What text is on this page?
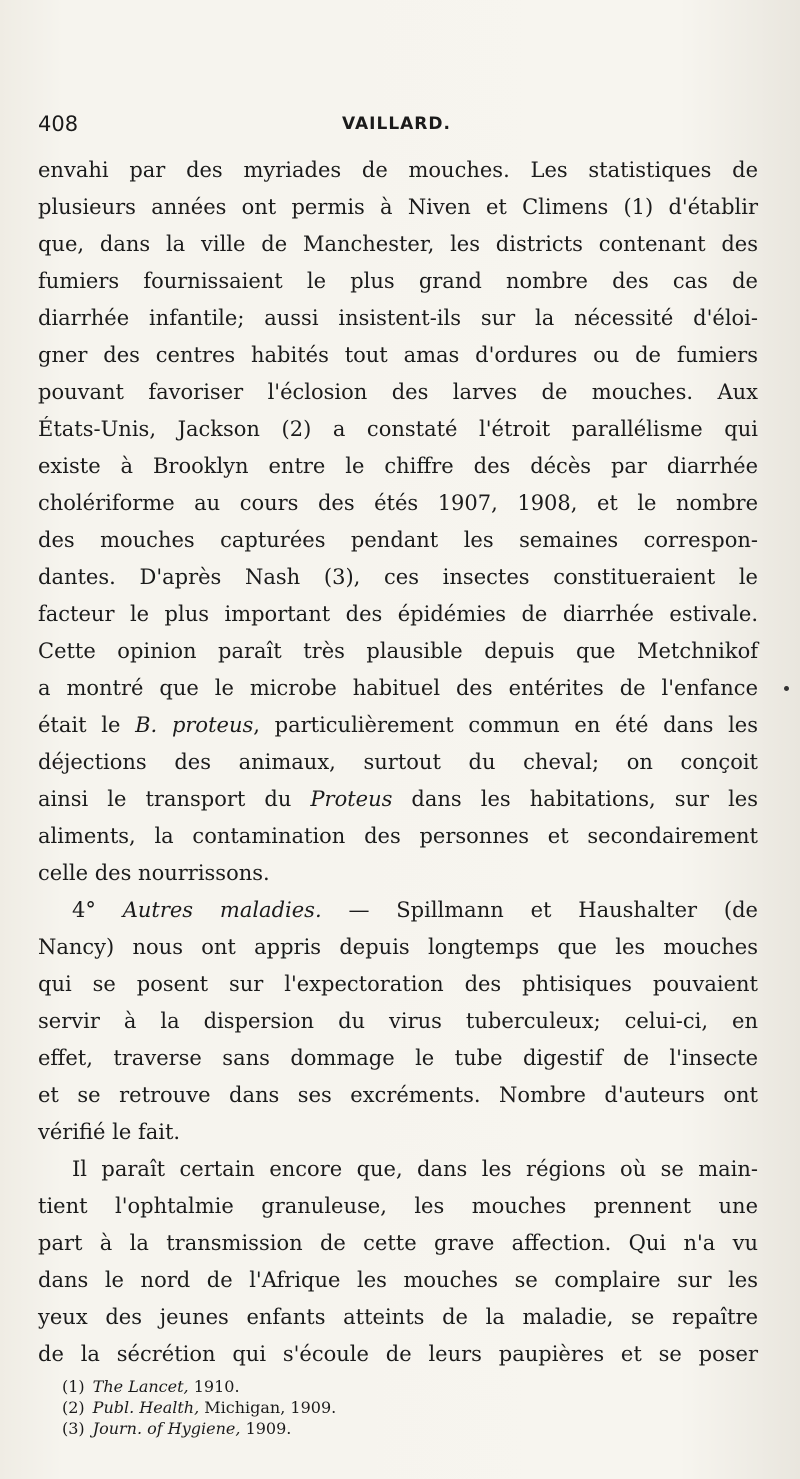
408	VAILLARD.
envahi par des myriades de mouches. Les statistiques de
plusieurs années ont permis à Niven et Climens (1) d'établir
que, dans la ville de Manchester, les districts contenant des
fumiers fournissaient le plus grand nombre des cas de
diarrhée infantile; aussi insistent-ils sur la nécessité d'éloi-
gner des centres habités tout amas d'ordures ou de fumiers
pouvant favoriser l'éclosion des larves de mouches. Aux
États-Unis, Jackson (2) a constaté l'étroit parallélisme qui
existe à Brooklyn entre le chiffre des décès par diarrhée
cholériforme au cours des étés 1907, 1908, et le nombre
des mouches capturées pendant les semaines correspon-
dantes. D'après Nash (3), ces insectes constitueraient le
facteur le plus important des épidémies de diarrhée estivale.
Cette opinion paraît très plausible depuis que Metchnikof
a montré que le microbe habituel des entérites de l'enfance
était le B. proteus, particulièrement commun en été dans les
déjections des animaux, surtout du cheval; on conçoit
ainsi le transport du Proteus dans les habitations, sur les
aliments, la contamination des personnes et secondairement
celle des nourrissons.
4° Autres maladies. — Spillmann et Haushalter (de
Nancy) nous ont appris depuis longtemps que les mouches
qui se posent sur l'expectoration des phtisiques pouvaient
servir à la dispersion du virus tuberculeux; celui-ci, en
effet, traverse sans dommage le tube digestif de l'insecte
et se retrouve dans ses excréments. Nombre d'auteurs ont
vérifié le fait.
Il paraît certain encore que, dans les régions où se main-
tient l'ophtalmie granuleuse, les mouches prennent une
part à la transmission de cette grave affection. Qui n'a vu
dans le nord de l'Afrique les mouches se complaire sur les
yeux des jeunes enfants atteints de la maladie, se repaître
de la sécrétion qui s'écoule de leurs paupières et se poser
(1) The Lancet, 1910.
(2) Publ. Health, Michigan, 1909.
(3) Journ. of Hygiene, 1909.
